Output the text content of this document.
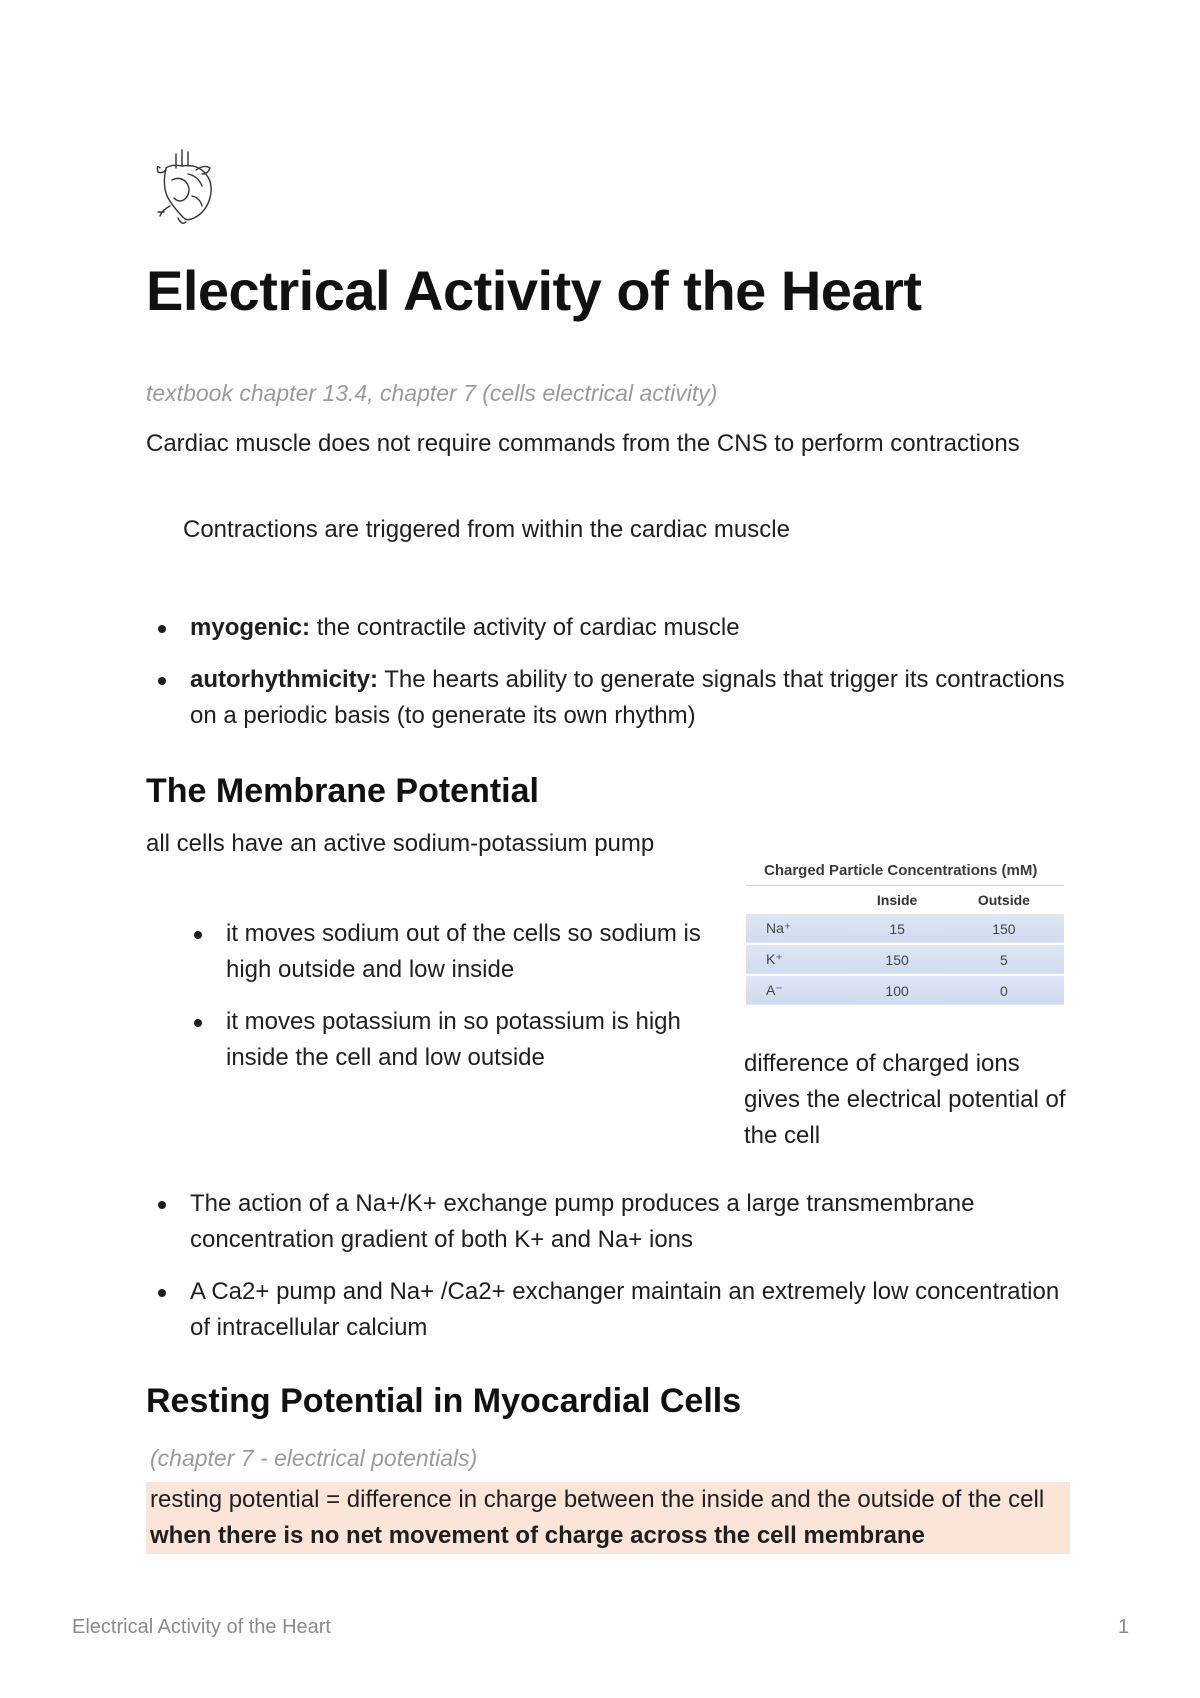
Electrical Activity of the Heart

textbook chapter 13.4, chapter 7 (cells electrical activity)

Cardiac muscle does not require commands from the CNS to perform contractions

Contractions are triggered from within the cardiac muscle

myogenic: the contractile activity of cardiac muscle
autorhythmicity: The hearts ability to generate signals that trigger its contractions on a periodic basis (to generate its own rhythm)
The Membrane Potential

all cells have an active sodium-potassium pump

it moves sodium out of the cells so sodium is high outside and low inside
it moves potassium in so potassium is high inside the cell and low outside

Charged Particle Concentrations (mM)

	Inside	Outside
Na⁺	15	150
K⁺	150	5
A⁻	100	0

difference of charged ions gives the electrical potential of the cell

The action of a Na+/K+ exchange pump produces a large transmembrane concentration gradient of both K+ and Na+ ions
A Ca2+ pump and Na+ /Ca2+ exchanger maintain an extremely low concentration of intracellular calcium
Resting Potential in Myocardial Cells

(chapter 7 - electrical potentials)

resting potential = difference in charge between the inside and the outside of the cell when there is no net movement of charge across the cell membrane

Electrical Activity of the Heart	1
